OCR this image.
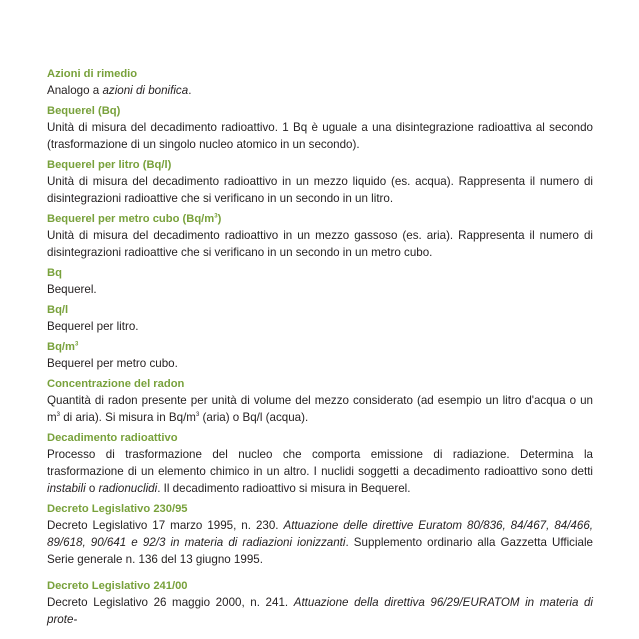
Azioni di rimedio
Analogo a azioni di bonifica.
Bequerel (Bq)
Unità di misura del decadimento radioattivo. 1 Bq è uguale a una disintegrazione radioattiva al secondo (trasformazione di un singolo nucleo atomico in un secondo).
Bequerel per litro (Bq/l)
Unità di misura del decadimento radioattivo in un mezzo liquido (es. acqua). Rappresenta il numero di disintegrazioni radioattive che si verificano in un secondo in un litro.
Bequerel per metro cubo $(Bq/m^3)$
Unità di misura del decadimento radioattivo in un mezzo gassoso (es. aria). Rappresenta il numero di disintegrazioni radioattive che si verificano in un secondo in un metro cubo.
Bq
Bequerel.
Bq/l
Bequerel per litro.
$Bq/m^3$
Bequerel per metro cubo.
Concentrazione del radon
Quantità di radon presente per unità di volume del mezzo considerato (ad esempio un litro d'acqua o un $m^3$ di aria). Si misura in $Bq/m^3$ (aria) o Bq/l (acqua).
Decadimento radioattivo
Processo di trasformazione del nucleo che comporta emissione di radiazione. Determina la trasformazione di un elemento chimico in un altro. I nuclidi soggetti a decadimento radioattivo sono detti instabili o radionuclidi. Il decadimento radioattivo si misura in Bequerel.
Decreto Legislativo 230/95
Decreto Legislativo 17 marzo 1995, n. 230. Attuazione delle direttive Euratom 80/836, 84/467, 84/466, 89/618, 90/641 e 92/3 in materia di radiazioni ionizzanti. Supplemento ordinario alla Gazzetta Ufficiale Serie generale n. 136 del 13 giugno 1995.
Decreto Legislativo 241/00
Decreto Legislativo 26 maggio 2000, n. 241. Attuazione della direttiva 96/29/EURATOM in materia di prote-
